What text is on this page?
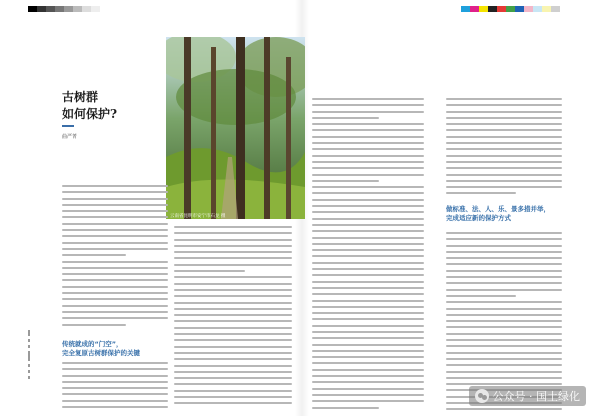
云南省昆明市安宁市石龙 摄
古树群
如何保护?
曲严菁
传统就成的“门空”，
完全复原古树群保护的关键
做标准、法、人、乐、景多措并举，
完成适应新的保护方式
公众号 · 国土绿化
